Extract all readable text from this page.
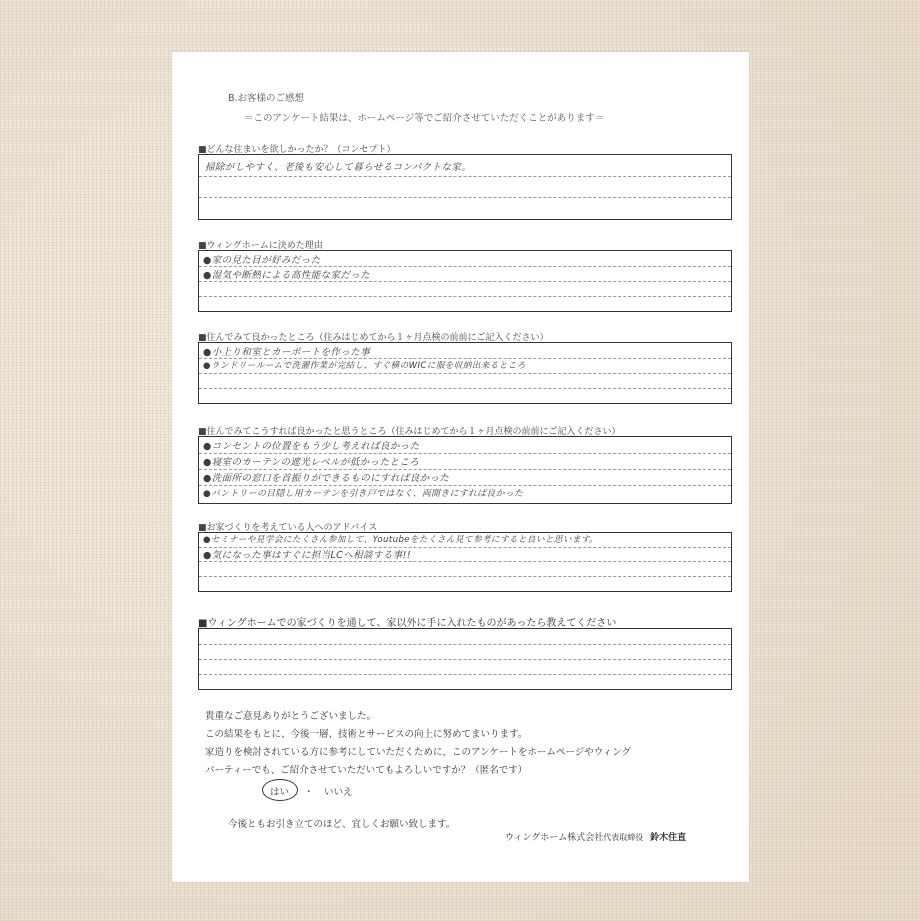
B.お客様のご感想
＝このアンケート結果は、ホームページ等でご紹介させていただくことがあります＝
■どんな住まいを欲しかったか？（コンセプト）
掃除がしやすく、老後も安心して暮らせるコンパクトな家。
■ウィングホームに決めた理由
●家の見た目が好みだった
●湿気や断熱による高性能な家だった
■住んでみて良かったところ（住みはじめてから１ヶ月点検の前前にご記入ください）
●小上り和室とカーポートを作った事
●ランドリールームで洗濯作業が完結し、すぐ横のWICに服を収納出来るところ
■住んでみてこうすれば良かったと思うところ（住みはじめてから１ヶ月点検の前前にご記入ください）
●コンセントの位置をもう少し考えれば良かった
●寝室のカーテンの遮光レベルが低かったところ
●洗面所の窓口を首振りができるものにすれば良かった
●パントリーの目隠し用カーテンを引き戸ではなく、両開きにすれば良かった
■お家づくりを考えている人へのアドバイス
●セミナーや見学会にたくさん参加して、Youtubeをたくさん見て参考にすると良いと思います。
●気になった事はすぐに担当LCへ相談する事!!
■ウィングホームでの家づくりを通して、家以外に手に入れたものがあったら教えてください
貴重なご意見ありがとうございました。
この結果をもとに、今後一層、技術とサービスの向上に努めてまいります。
家造りを検討されている方に参考にしていただくために、このアンケートをホームページやウィング
パーティーでも、ご紹介させていただいてもよろしいですか？（匿名です）
はい ・ いいえ
今後ともお引き立てのほど、宜しくお願い致します。
ウィングホーム株式会社代表取締役 鈴木住直
